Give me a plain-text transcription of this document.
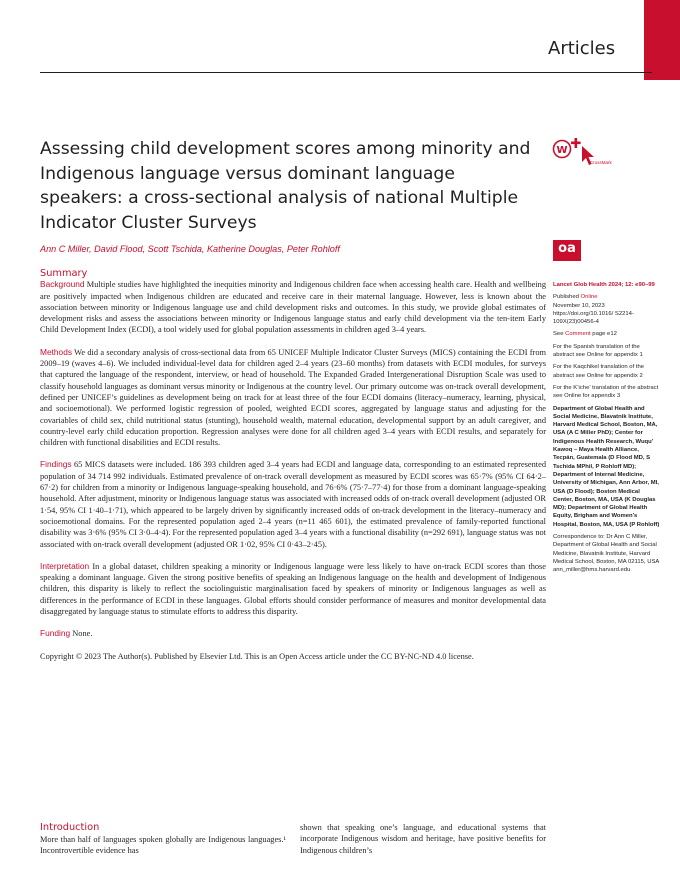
Articles
Assessing child development scores among minority and Indigenous language versus dominant language speakers: a cross-sectional analysis of national Multiple Indicator Cluster Surveys
W
CrossMark
Ann C Miller, David Flood, Scott Tschida, Katherine Douglas, Peter Rohloff	oa
Summary

Background Multiple studies have highlighted the inequities minority and Indigenous children face when accessing health care. Health and wellbeing are positively impacted when Indigenous children are educated and receive care in their maternal language. However, less is known about the association between minority or Indigenous language use and child development risks and outcomes. In this study, we provide global estimates of development risks and assess the associations between minority or Indigenous language status and early child development via the ten-item Early Child Development Index (ECDI), a tool widely used for global population assessments in children aged 3–4 years.

Methods We did a secondary analysis of cross-sectional data from 65 UNICEF Multiple Indicator Cluster Surveys (MICS) containing the ECDI from 2009–19 (waves 4–6). We included individual-level data for children aged 2–4 years (23–60 months) from datasets with ECDI modules, for surveys that captured the language of the respondent, interview, or head of household. The Expanded Graded Intergenerational Disruption Scale was used to classify household languages as dominant versus minority or Indigenous at the country level. Our primary outcome was on-track overall development, defined per UNICEF’s guidelines as development being on track for at least three of the four ECDI domains (literacy–numeracy, learning, physical, and socioemotional). We performed logistic regression of pooled, weighted ECDI scores, aggregated by language status and adjusting for the covariables of child sex, child nutritional status (stunting), household wealth, maternal education, developmental support by an adult caregiver, and country-level early child education proportion. Regression analyses were done for all children aged 3–4 years with ECDI results, and separately for children with functional disabilities and ECDI results.

Findings 65 MICS datasets were included. 186 393 children aged 3–4 years had ECDI and language data, corresponding to an estimated represented population of 34 714 992 individuals. Estimated prevalence of on-track overall development as measured by ECDI scores was 65·7% (95% CI 64·2–67·2) for children from a minority or Indigenous language-speaking household, and 76·6% (75·7–77·4) for those from a dominant language-speaking household. After adjustment, minority or Indigenous language status was associated with increased odds of on-track overall development (adjusted OR 1·54, 95% CI 1·40–1·71), which appeared to be largely driven by significantly increased odds of on-track development in the literacy–numeracy and socioemotional domains. For the represented population aged 2–4 years (n=11 465 601), the estimated prevalence of family-reported functional disability was 3·6% (95% CI 3·0–4·4). For the represented population aged 3–4 years with a functional disability (n=292 691), language status was not associated with on-track overall development (adjusted OR 1·02, 95% CI 0·43–2·45).

Interpretation In a global dataset, children speaking a minority or Indigenous language were less likely to have on-track ECDI scores than those speaking a dominant language. Given the strong positive benefits of speaking an Indigenous language on the health and development of Indigenous children, this disparity is likely to reflect the sociolinguistic marginalisation faced by speakers of minority or Indigenous languages as well as differences in the performance of ECDI in these languages. Global efforts should consider performance of measures and monitor developmental data disaggregated by language status to stimulate efforts to address this disparity.

Funding None.

Copyright © 2023 The Author(s). Published by Elsevier Ltd. This is an Open Access article under the CC BY-NC-ND 4.0 license.

Lancet Glob Health 2024; 12: e90–99

Published Online
November 10, 2023
https://doi.org/10.1016/ S2214-109X(23)00456-4

See Comment page e12

For the Spanish translation of the abstract see Online for appendix 1

For the Kaqchikel translation of the abstract see Online for appendix 2

For the K’iche’ translation of the abstract see Online for appendix 3

Department of Global Health and Social Medicine, Blavatnik Institute, Harvard Medical School, Boston, MA, USA (A C Miller PhD); Center for Indigenous Health Research, Wuqu’ Kawoq – Maya Health Alliance, Tecpán, Guatemala (D Flood MD, S Tschida MPhil, P Rohloff MD); Department of Internal Medicine, University of Michigan, Ann Arbor, MI, USA (D Flood); Boston Medical Center, Boston, MA, USA (K Douglas MD); Department of Global Health Equity, Brigham and Women’s Hospital, Boston, MA, USA (P Rohloff)

Correspondence to: Dr Ann C Miller, Department of Global Health and Social Medicine, Blavatnik Institute, Harvard Medical School, Boston, MA 02115, USA ann_miller@hms.harvard.edu

Introduction
More than half of languages spoken globally are Indigenous languages.¹ Incontrovertible evidence has
shown that speaking one’s language, and educational systems that incorporate Indigenous wisdom and heritage, have positive benefits for Indigenous children’s
